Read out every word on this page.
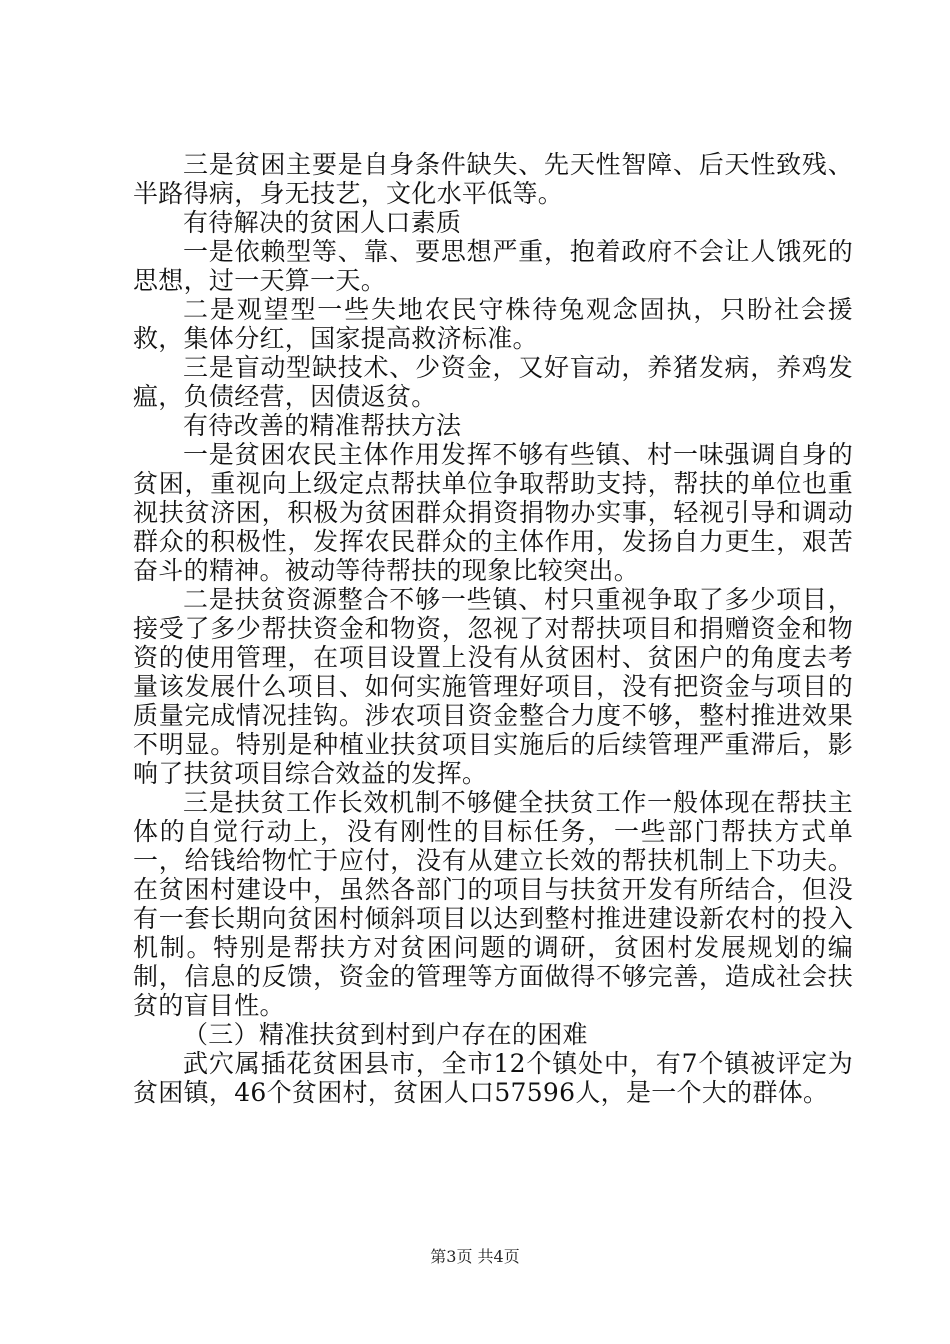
三是贫困主要是自身条件缺失、先天性智障、后天性致残、半路得病，身无技艺，文化水平低等。

有待解决的贫困人口素质

一是依赖型等、靠、要思想严重，抱着政府不会让人饿死的思想，过一天算一天。

二是观望型一些失地农民守株待兔观念固执，只盼社会援救，集体分红，国家提高救济标准。

三是盲动型缺技术、少资金，又好盲动，养猪发病，养鸡发瘟，负债经营，因债返贫。

有待改善的精准帮扶方法

一是贫困农民主体作用发挥不够有些镇、村一味强调自身的贫困，重视向上级定点帮扶单位争取帮助支持，帮扶的单位也重视扶贫济困，积极为贫困群众捐资捐物办实事，轻视引导和调动群众的积极性，发挥农民群众的主体作用，发扬自力更生，艰苦奋斗的精神。被动等待帮扶的现象比较突出。

二是扶贫资源整合不够一些镇、村只重视争取了多少项目，接受了多少帮扶资金和物资，忽视了对帮扶项目和捐赠资金和物资的使用管理，在项目设置上没有从贫困村、贫困户的角度去考量该发展什么项目、如何实施管理好项目，没有把资金与项目的质量完成情况挂钩。涉农项目资金整合力度不够，整村推进效果不明显。特别是种植业扶贫项目实施后的后续管理严重滞后，影响了扶贫项目综合效益的发挥。

三是扶贫工作长效机制不够健全扶贫工作一般体现在帮扶主体的自觉行动上，没有刚性的目标任务，一些部门帮扶方式单一，给钱给物忙于应付，没有从建立长效的帮扶机制上下功夫。在贫困村建设中，虽然各部门的项目与扶贫开发有所结合，但没有一套长期向贫困村倾斜项目以达到整村推进建设新农村的投入机制。特别是帮扶方对贫困问题的调研，贫困村发展规划的编制，信息的反馈，资金的管理等方面做得不够完善，造成社会扶贫的盲目性。

（三）精准扶贫到村到户存在的困难

武穴属插花贫困县市，全市12个镇处中，有7个镇被评定为贫困镇，46个贫困村，贫困人口57596人，是一个大的群体。

第3页 共4页
